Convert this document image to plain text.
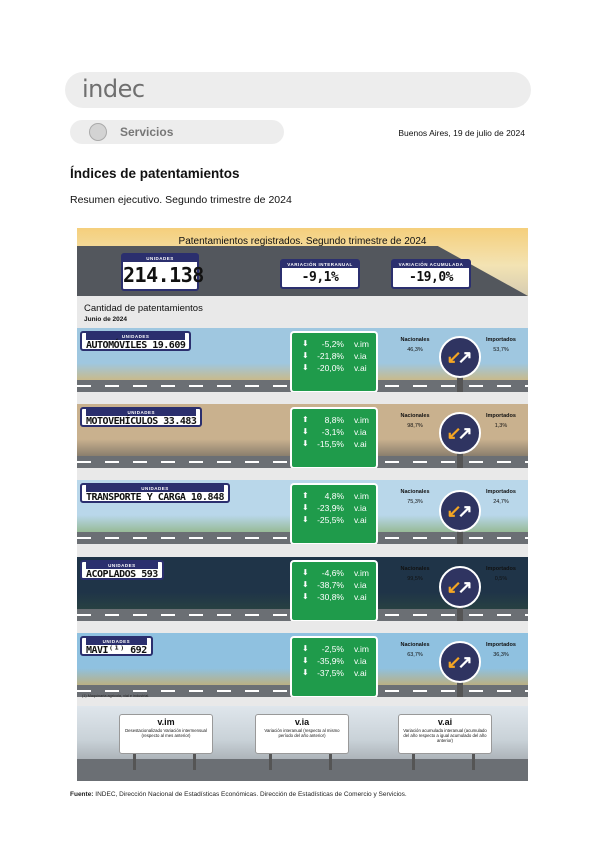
indec
Servicios	Buenos Aires, 19 de julio de 2024
Índices de patentamientos
Resumen ejecutivo. Segundo trimestre de 2024
Patentamientos registrados. Segundo trimestre de 2024
UNIDADES
214.138	VARIACIÓN INTERANUAL
-9,1%
VARIACIÓN ACUMULADA
-19,0%
Cantidad de patentamientos
Junio de 2024
UNIDADES
AUTOMÓVILES 19.609	⬇ -5,2% v.im
⬇ -21,8% v.ia
⬇ -20,0% v.ai
Nacionales
46,3%
Importados
53,7%
↙
↗
UNIDADES
MOTOVEHÍCULOS 33.483	⬆ 8,8% v.im
⬇ -3,1% v.ia
⬇ -15,5% v.ai
Nacionales
98,7%
Importados
1,3%
↙
↗
UNIDADES
TRANSPORTE Y CARGA 10.848	⬆ 4,8% v.im
⬇ -23,9% v.ia
⬇ -25,5% v.ai
Nacionales
75,3%
Importados
24,7%
↙
↗
UNIDADES
ACOPLADOS 593	⬇ -4,6% v.im
⬇ -38,7% v.ia
⬇ -30,8% v.ai
Nacionales
99,5%
Importados
0,5%
↙
↗
UNIDADES
MAVI⁽¹⁾ 692	⬇ -2,5% v.im
⬇ -35,9% v.ia
⬇ -37,5% v.ai
Nacionales
63,7%
Importados
36,3%
↙
↗
(1) Maquinaria agrícola, vial e industrial.
v.im
Desestacionalizado Variación intermensual (respecto al mes anterior)
v.ia
Variación interanual (respecto al mismo período del año anterior)
v.ai
Variación acumulada interanual (acumulado del año respecto a igual acumulado del año anterior)
Fuente: INDEC, Dirección Nacional de Estadísticas Económicas. Dirección de Estadísticas de Comercio y Servicios.
